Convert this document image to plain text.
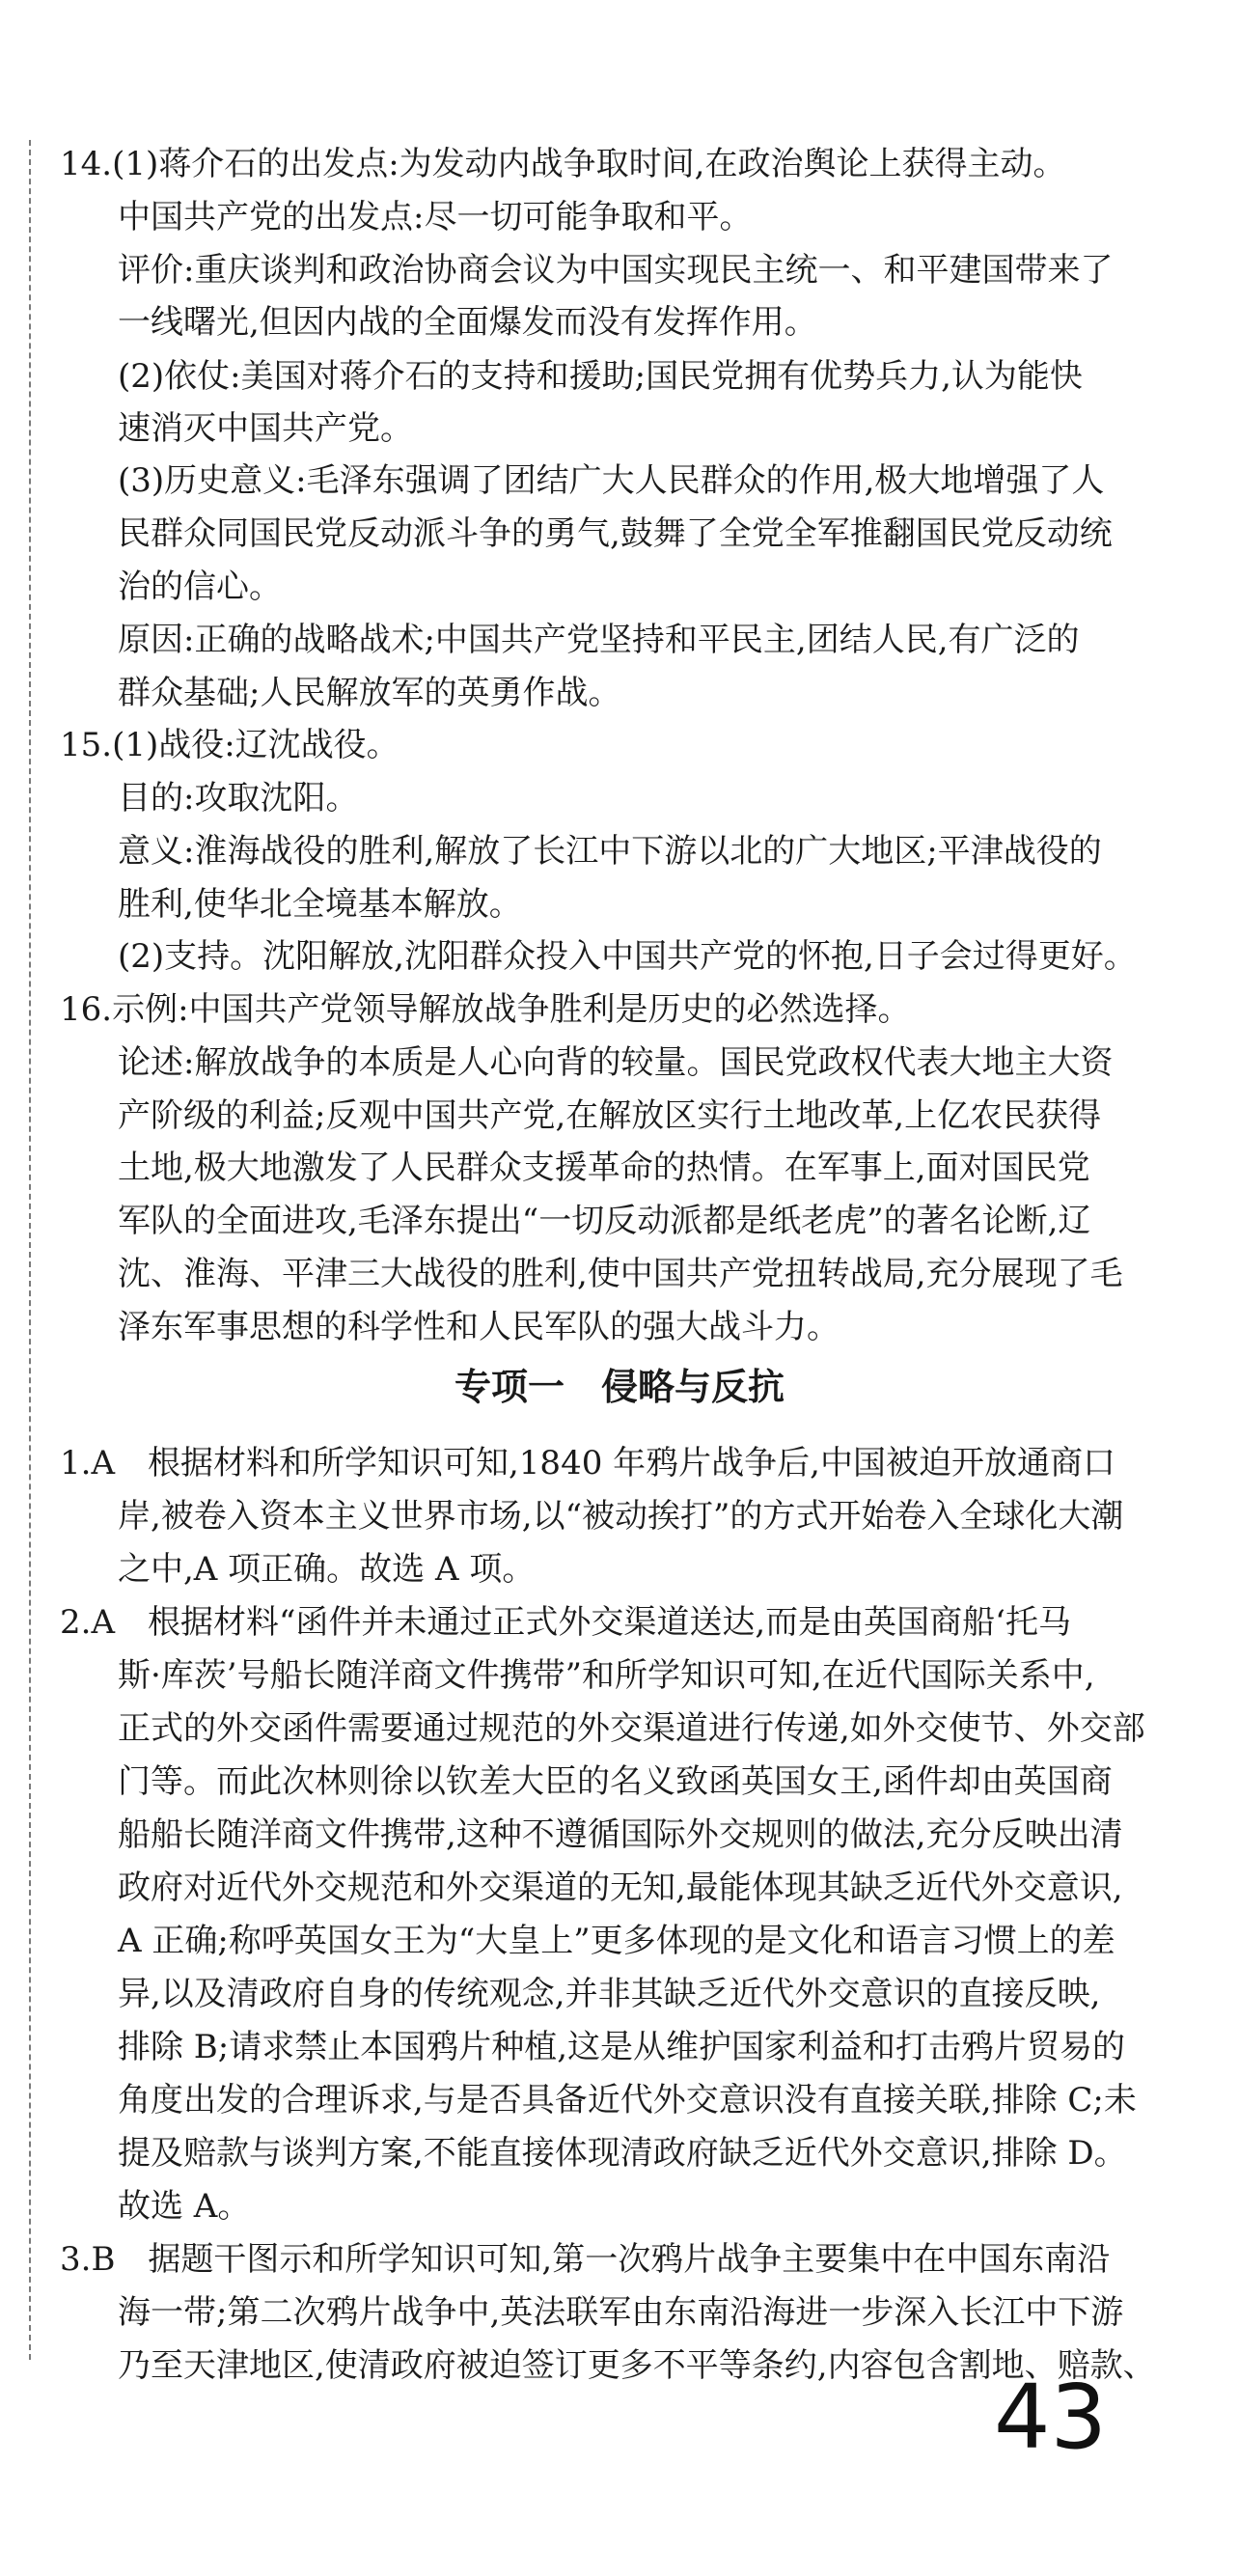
14.(1)蒋介石的出发点:为发动内战争取时间,在政治舆论上获得主动。
中国共产党的出发点:尽一切可能争取和平。
评价:重庆谈判和政治协商会议为中国实现民主统一、和平建国带来了
一线曙光,但因内战的全面爆发而没有发挥作用。
(2)依仗:美国对蒋介石的支持和援助;国民党拥有优势兵力,认为能快
速消灭中国共产党。
(3)历史意义:毛泽东强调了团结广大人民群众的作用,极大地增强了人
民群众同国民党反动派斗争的勇气,鼓舞了全党全军推翻国民党反动统
治的信心。
原因:正确的战略战术;中国共产党坚持和平民主,团结人民,有广泛的
群众基础;人民解放军的英勇作战。
15.(1)战役:辽沈战役。
目的:攻取沈阳。
意义:淮海战役的胜利,解放了长江中下游以北的广大地区;平津战役的
胜利,使华北全境基本解放。
(2)支持。沈阳解放,沈阳群众投入中国共产党的怀抱,日子会过得更好。
16.示例:中国共产党领导解放战争胜利是历史的必然选择。
论述:解放战争的本质是人心向背的较量。国民党政权代表大地主大资
产阶级的利益;反观中国共产党,在解放区实行土地改革,上亿农民获得
土地,极大地激发了人民群众支援革命的热情。在军事上,面对国民党
军队的全面进攻,毛泽东提出“一切反动派都是纸老虎”的著名论断,辽
沈、淮海、平津三大战役的胜利,使中国共产党扭转战局,充分展现了毛
泽东军事思想的科学性和人民军队的强大战斗力。
专项一　侵略与反抗
1.A　根据材料和所学知识可知,1840 年鸦片战争后,中国被迫开放通商口
岸,被卷入资本主义世界市场,以“被动挨打”的方式开始卷入全球化大潮
之中,A 项正确。故选 A 项。
2.A　根据材料“函件并未通过正式外交渠道送达,而是由英国商船‘托马
斯·库茨’号船长随洋商文件携带”和所学知识可知,在近代国际关系中,
正式的外交函件需要通过规范的外交渠道进行传递,如外交使节、外交部
门等。而此次林则徐以钦差大臣的名义致函英国女王,函件却由英国商
船船长随洋商文件携带,这种不遵循国际外交规则的做法,充分反映出清
政府对近代外交规范和外交渠道的无知,最能体现其缺乏近代外交意识,
A 正确;称呼英国女王为“大皇上”更多体现的是文化和语言习惯上的差
异,以及清政府自身的传统观念,并非其缺乏近代外交意识的直接反映,
排除 B;请求禁止本国鸦片种植,这是从维护国家利益和打击鸦片贸易的
角度出发的合理诉求,与是否具备近代外交意识没有直接关联,排除 C;未
提及赔款与谈判方案,不能直接体现清政府缺乏近代外交意识,排除 D。
故选 A。
3.B　据题干图示和所学知识可知,第一次鸦片战争主要集中在中国东南沿
海一带;第二次鸦片战争中,英法联军由东南沿海进一步深入长江中下游
乃至天津地区,使清政府被迫签订更多不平等条约,内容包含割地、赔款、
43
